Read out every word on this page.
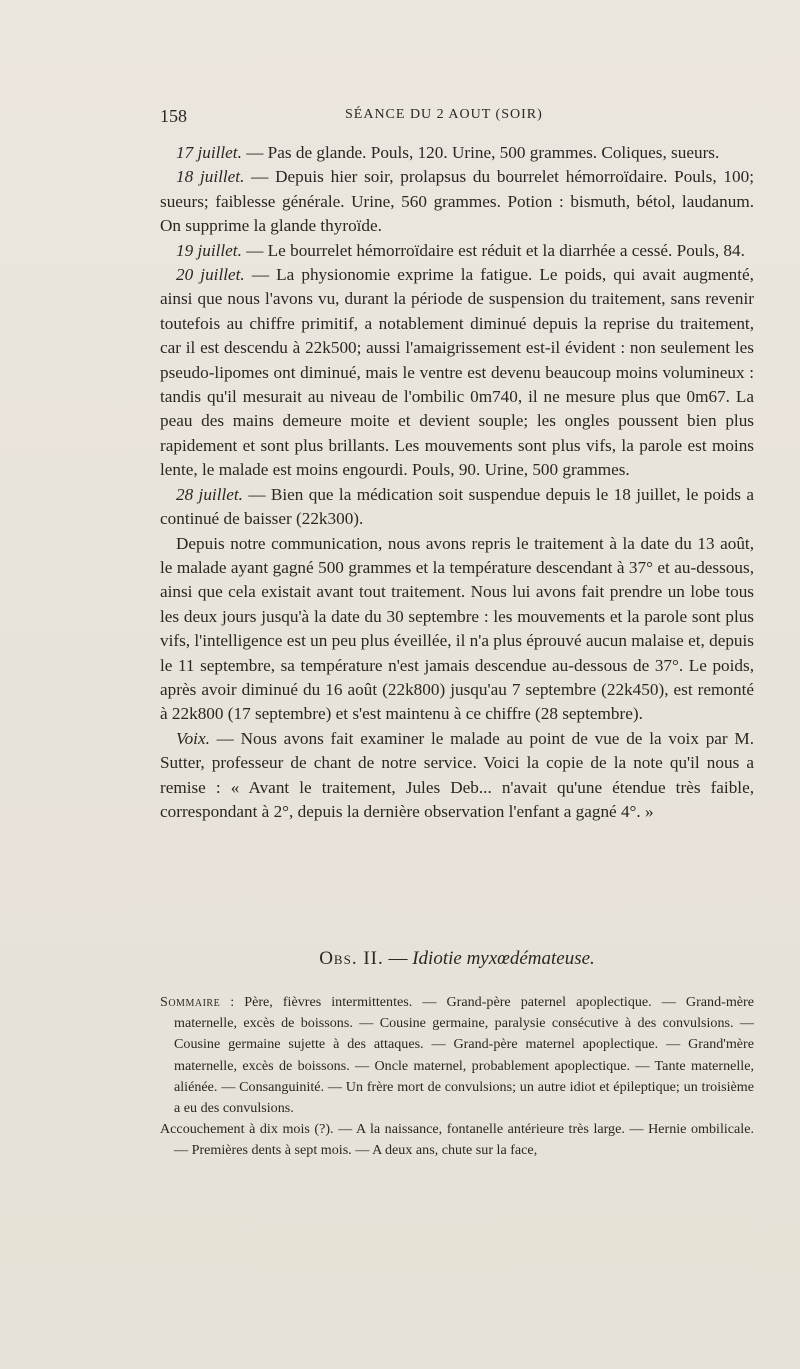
158	SÉANCE DU 2 AOUT (SOIR)

17 juillet. — Pas de glande. Pouls, 120. Urine, 500 grammes. Coliques, sueurs.

18 juillet. — Depuis hier soir, prolapsus du bourrelet hémorroïdaire. Pouls, 100; sueurs; faiblesse générale. Urine, 560 grammes. Potion : bismuth, bétol, laudanum. On supprime la glande thyroïde.

19 juillet. — Le bourrelet hémorroïdaire est réduit et la diarrhée a cessé. Pouls, 84.

20 juillet. — La physionomie exprime la fatigue. Le poids, qui avait augmenté, ainsi que nous l'avons vu, durant la période de suspension du traitement, sans revenir toutefois au chiffre primitif, a notablement diminué depuis la reprise du traitement, car il est descendu à 22k500; aussi l'amaigrissement est-il évident : non seulement les pseudo-lipomes ont diminué, mais le ventre est devenu beaucoup moins volumineux : tandis qu'il mesurait au niveau de l'ombilic 0m740, il ne mesure plus que 0m67. La peau des mains demeure moite et devient souple; les ongles poussent bien plus rapidement et sont plus brillants. Les mouvements sont plus vifs, la parole est moins lente, le malade est moins engourdi. Pouls, 90. Urine, 500 grammes.

28 juillet. — Bien que la médication soit suspendue depuis le 18 juillet, le poids a continué de baisser (22k300).

Depuis notre communication, nous avons repris le traitement à la date du 13 août, le malade ayant gagné 500 grammes et la température descendant à 37° et au-dessous, ainsi que cela existait avant tout traitement. Nous lui avons fait prendre un lobe tous les deux jours jusqu'à la date du 30 septembre : les mouvements et la parole sont plus vifs, l'intelligence est un peu plus éveillée, il n'a plus éprouvé aucun malaise et, depuis le 11 septembre, sa température n'est jamais descendue au-dessous de 37°. Le poids, après avoir diminué du 16 août (22k800) jusqu'au 7 septembre (22k450), est remonté à 22k800 (17 septembre) et s'est maintenu à ce chiffre (28 septembre).

Voix. — Nous avons fait examiner le malade au point de vue de la voix par M. Sutter, professeur de chant de notre service. Voici la copie de la note qu'il nous a remise : « Avant le traitement, Jules Deb... n'avait qu'une étendue très faible, correspondant à 2°, depuis la dernière observation l'enfant a gagné 4°. »

Obs. II. — Idiotie myxœdémateuse.

Sommaire : Père, fièvres intermittentes. — Grand-père paternel apoplectique. — Grand-mère maternelle, excès de boissons. — Cousine germaine, paralysie consécutive à des convulsions. — Cousine germaine sujette à des attaques. — Grand-père maternel apoplectique. — Grand'mère maternelle, excès de boissons. — Oncle maternel, probablement apoplectique. — Tante maternelle, aliénée. — Consanguinité. — Un frère mort de convulsions; un autre idiot et épileptique; un troisième a eu des convulsions.

Accouchement à dix mois (?). — A la naissance, fontanelle antérieure très large. — Hernie ombilicale. — Premières dents à sept mois. — A deux ans, chute sur la face,
